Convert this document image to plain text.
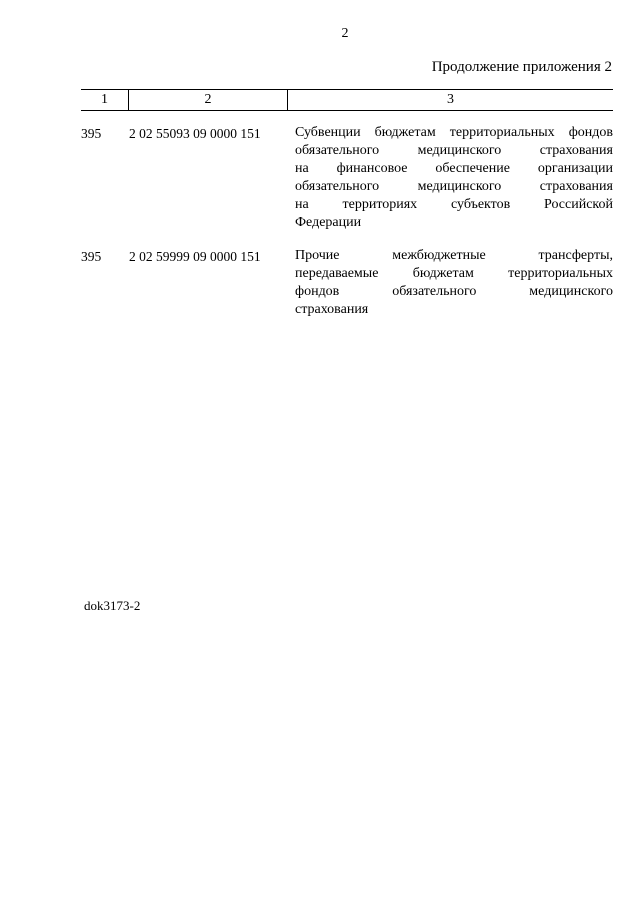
2
Продолжение приложения 2
1	2	3
395 2 02 55093 09 0000 151 Субвенции бюджетам территориальных фондов
обязательного медицинского страхования
на финансовое обеспечение организации
обязательного медицинского страхования
на территориях субъектов Российской
Федерации
395 2 02 59999 09 0000 151 Прочие межбюджетные трансферты,
передаваемые бюджетам территориальных
фондов обязательного медицинского
страхования
dok3173-2
